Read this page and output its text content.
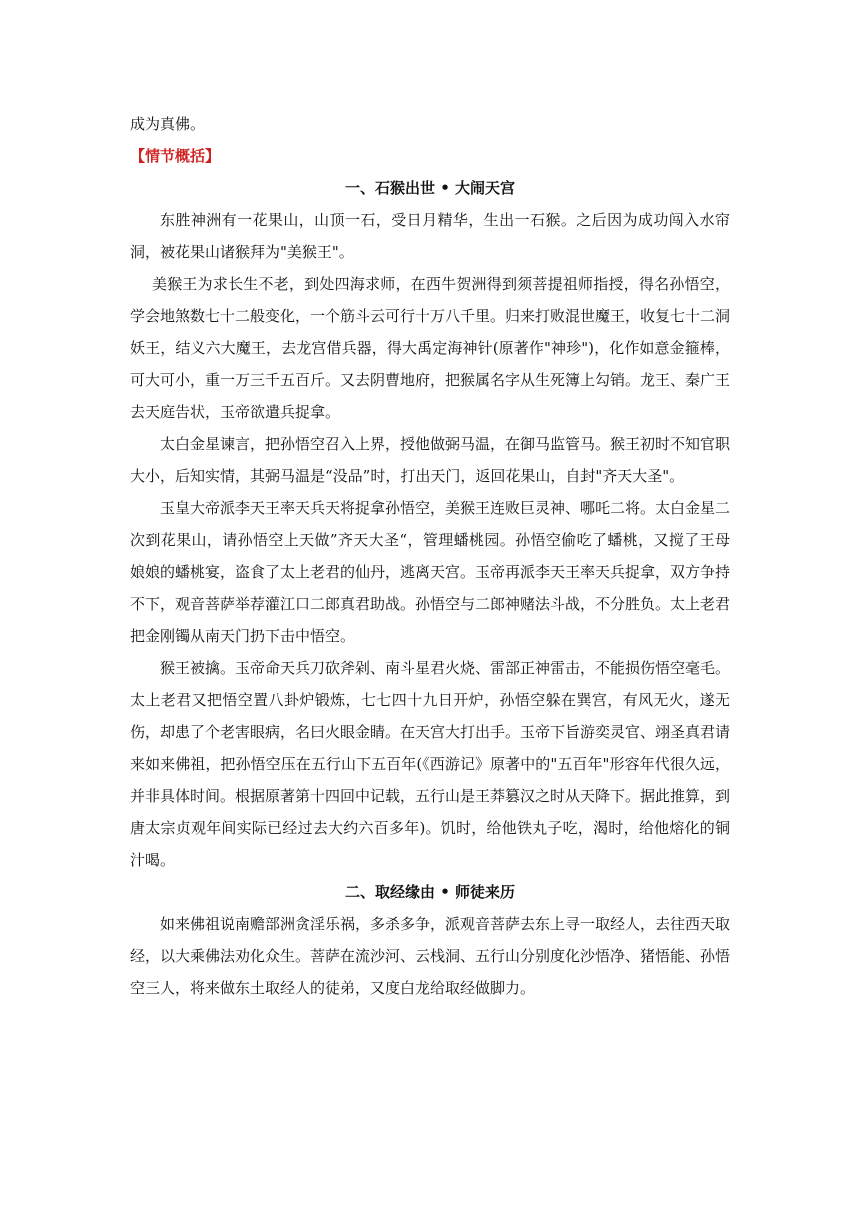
成为真佛。

【情节概括】

一、石猴出世 • 大闹天宫

东胜神洲有一花果山，山顶一石，受日月精华，生出一石猴。之后因为成功闯入水帘洞，被花果山诸猴拜为"美猴王"。

美猴王为求长生不老，到处四海求师，在西牛贺洲得到须菩提祖师指授，得名孙悟空，学会地煞数七十二般变化，一个筋斗云可行十万八千里。归来打败混世魔王，收复七十二洞妖王，结义六大魔王，去龙宫借兵器，得大禹定海神针(原著作"神珍")，化作如意金箍棒，可大可小，重一万三千五百斤。又去阴曹地府，把猴属名字从生死簿上勾销。龙王、秦广王去天庭告状，玉帝欲遣兵捉拿。

太白金星谏言，把孙悟空召入上界，授他做弼马温，在御马监管马。猴王初时不知官职大小，后知实情，其弼马温是“没品”时，打出天门，返回花果山，自封"齐天大圣"。

玉皇大帝派李天王率天兵天将捉拿孙悟空，美猴王连败巨灵神、哪吒二将。太白金星二次到花果山，请孙悟空上天做”齐天大圣“，管理蟠桃园。孙悟空偷吃了蟠桃，又搅了王母娘娘的蟠桃宴，盗食了太上老君的仙丹，逃离天宫。玉帝再派李天王率天兵捉拿，双方争持不下，观音菩萨举荐灌江口二郎真君助战。孙悟空与二郎神赌法斗战，不分胜负。太上老君把金刚镯从南天门扔下击中悟空。

猴王被擒。玉帝命天兵刀砍斧剁、南斗星君火烧、雷部正神雷击，不能损伤悟空毫毛。太上老君又把悟空置八卦炉锻炼，七七四十九日开炉，孙悟空躲在巽宫，有风无火，遂无伤，却患了个老害眼病，名曰火眼金睛。在天宫大打出手。玉帝下旨游奕灵官、翊圣真君请来如来佛祖，把孙悟空压在五行山下五百年(《西游记》原著中的"五百年"形容年代很久远，并非具体时间。根据原著第十四回中记载，五行山是王莽篡汉之时从天降下。据此推算，到唐太宗贞观年间实际已经过去大约六百多年)。饥时，给他铁丸子吃，渴时，给他熔化的铜汁喝。

二、取经缘由 • 师徒来历

如来佛祖说南赡部洲贪淫乐祸，多杀多争，派观音菩萨去东上寻一取经人，去往西天取经，以大乘佛法劝化众生。菩萨在流沙河、云栈洞、五行山分别度化沙悟净、猪悟能、孙悟空三人，将来做东土取经人的徒弟，又度白龙给取经做脚力。
